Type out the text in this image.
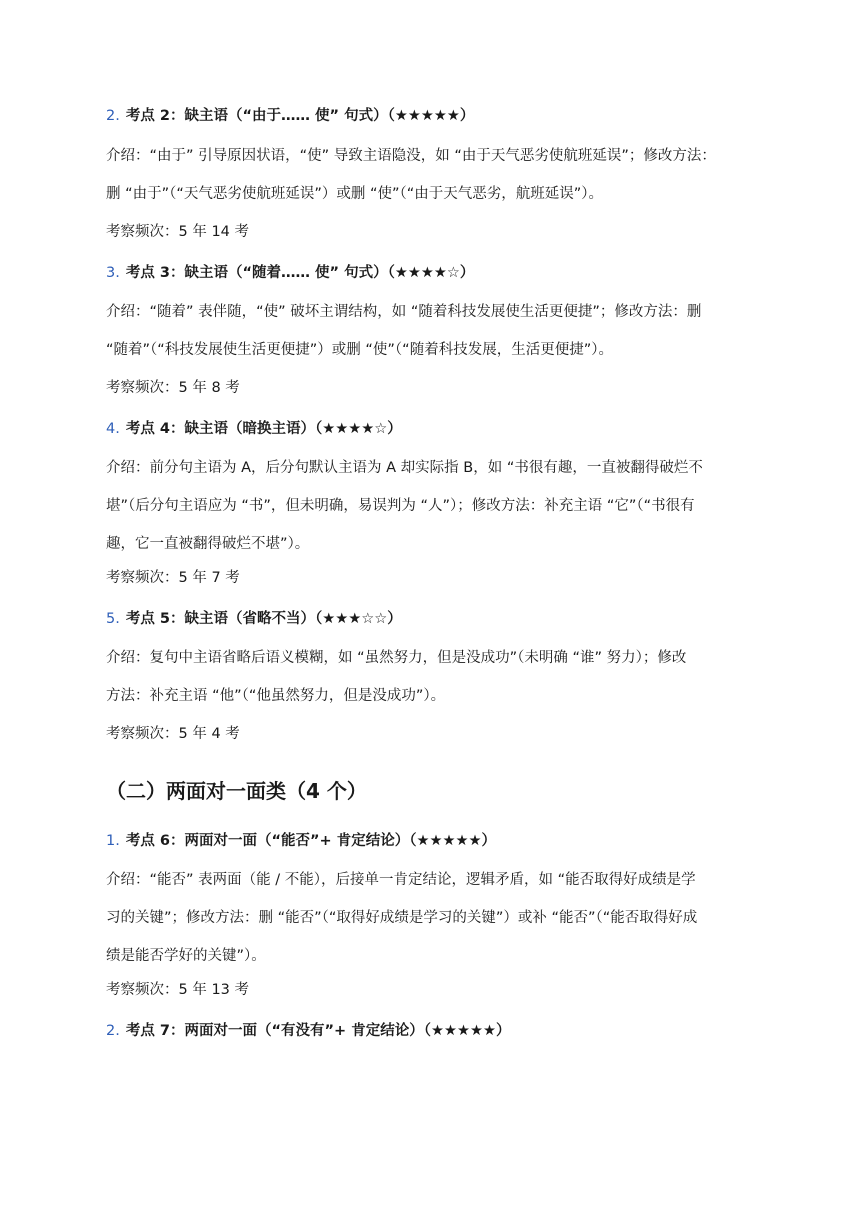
2. 考点 2：缺主语（“由于…… 使” 句式）（★★★★★）
介绍：“由于” 引导原因状语，“使” 导致主语隐没，如 “由于天气恶劣使航班延误”；修改方法：
删 “由于”（“天气恶劣使航班延误”）或删 “使”（“由于天气恶劣，航班延误”）。
考察频次：5 年 14 考
3. 考点 3：缺主语（“随着…… 使” 句式）（★★★★☆）
介绍：“随着” 表伴随，“使” 破坏主谓结构，如 “随着科技发展使生活更便捷”；修改方法：删
“随着”（“科技发展使生活更便捷”）或删 “使”（“随着科技发展，生活更便捷”）。
考察频次：5 年 8 考
4. 考点 4：缺主语（暗换主语）（★★★★☆）
介绍：前分句主语为 A，后分句默认主语为 A 却实际指 B，如 “书很有趣，一直被翻得破烂不
堪”（后分句主语应为 “书”，但未明确，易误判为 “人”）；修改方法：补充主语 “它”（“书很有
趣，它一直被翻得破烂不堪”）。
考察频次：5 年 7 考
5. 考点 5：缺主语（省略不当）（★★★☆☆）
介绍：复句中主语省略后语义模糊，如 “虽然努力，但是没成功”（未明确 “谁” 努力）；修改
方法：补充主语 “他”（“他虽然努力，但是没成功”）。
考察频次：5 年 4 考
（二）两面对一面类（4 个）
1. 考点 6：两面对一面（“能否”+ 肯定结论）（★★★★★）
介绍：“能否” 表两面（能 / 不能），后接单一肯定结论，逻辑矛盾，如 “能否取得好成绩是学
习的关键”；修改方法：删 “能否”（“取得好成绩是学习的关键”）或补 “能否”（“能否取得好成
绩是能否学好的关键”）。
考察频次：5 年 13 考
2. 考点 7：两面对一面（“有没有”+ 肯定结论）（★★★★★）
